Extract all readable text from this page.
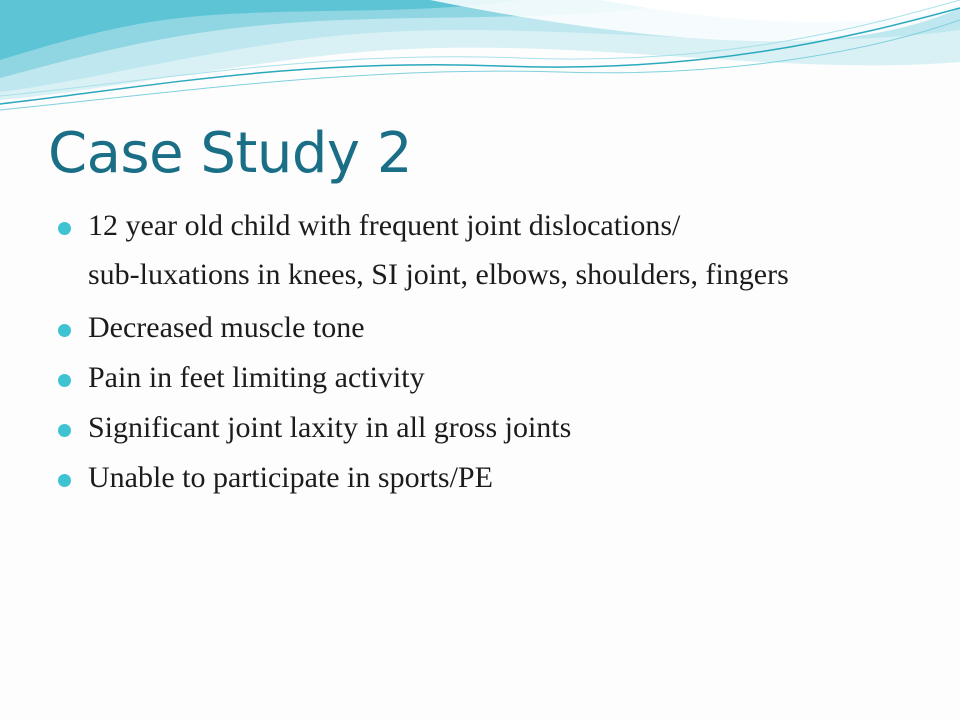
Case Study 2
12 year old child with frequent joint dislocations/
sub-luxations in knees, SI joint, elbows, shoulders, fingers
Decreased muscle tone
Pain in feet limiting activity
Significant joint laxity in all gross joints
Unable to participate in sports/PE
